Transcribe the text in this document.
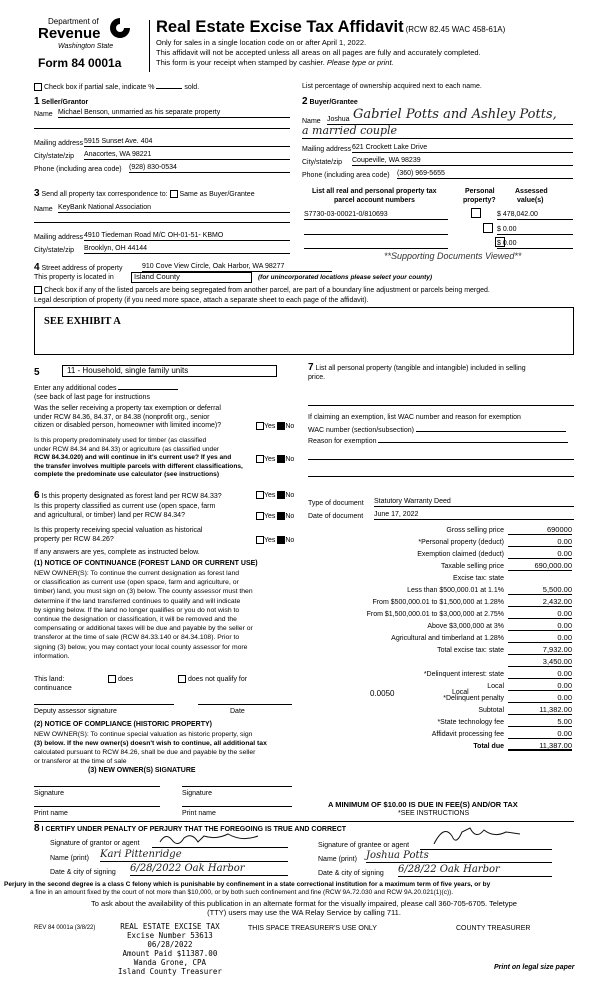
Department of
Revenue
Washington State
Form 84 0001a
Real Estate Excise Tax Affidavit (RCW 82.45 WAC 458-61A)
Only for sales in a single location code on or after April 1, 2022.
This affidavit will not be accepted unless all areas on all pages are fully and accurately completed.
This form is your receipt when stamped by cashier. Please type or print.
Check box if partial sale, indicate %	sold.	List percentage of ownership acquired next to each name.
1 Seller/Grantor
Name Michael Benson, unmarried as his separate property
Mailing address 5915 Sunset Ave. 404
City/state/zip Anacortes, WA 98221
Phone (including area code) (928) 830-0534
2 Buyer/Grantee
Name Joshua Gabriel Potts and Ashley Potts,
a married couple
Mailing address 621 Crockett Lake Drive
City/state/zip Coupeville, WA 98239
Phone (including area code) (360) 969-5655
3 Send all property tax correspondence to: Same as Buyer/Grantee
Name KeyBank National Association
Mailing address 4910 Tiedeman Road M/C OH-01-51- KBMO
City/state/zip Brooklyn, OH 44144
List all real and personal property tax
parcel account numbers
Personal
property?
Assessed
value(s)
S7730-03-00021-0/810693
	$ 478,042.00

$ 0.00
$ 0.00
**Supporting Documents Viewed**
4 Street address of property	910 Cove View Circle, Oak Harbor, WA 98277
This property is located in	Island County	(for unincorporated locations please select your county)
Check box if any of the listed parcels are being segregated from another parcel, are part of a boundary line adjustment or parcels being merged.
Legal description of property (if you need more space, attach a separate sheet to each page of the affidavit).
SEE EXHIBIT A
5	11 - Household, single family units
Enter any additional codes
(see back of last page for instructions
Was the seller receiving a property tax exemption or deferral
under RCW 84.36, 84.37, or 84.38 (nonprofit org., senior
citizen or disabled person, homeowner with limited income)?	Yes No
Is this property predominately used for timber (as classified
under RCW 84.34 and 84.33) or agriculture (as classified under
RCW 84.34.020) and will continue in it's current use? If yes and
the transfer involves multiple parcels with different classifications,
complete the predominate use calculator (see instructions)
Yes No
6 Is this property designated as forest land per RCW 84.33?	Yes No
Is this property classified as current use (open space, farm
and agricultural, or timber) land per RCW 84.34?	Yes No
Is this property receiving special valuation as historical
property per RCW 84.26?	Yes No
If any answers are yes, complete as instructed below.
(1) NOTICE OF CONTINUANCE (FOREST LAND OR CURRENT USE)
NEW OWNER(S): To continue the current designation as forest land
or classification as current use (open space, farm and agriculture, or
timber) land, you must sign on (3) below. The county assessor must then
determine if the land transferred continues to qualify and will indicate
by signing below. If the land no longer qualifies or you do not wish to
continue the designation or classification, it will be removed and the
compensating or additional taxes will be due and payable by the seller or
transferor at the time of sale (RCW 84.33.140 or 84.34.108). Prior to
signing (3) below, you may contact your local county assessor for more
information.
This land:	does	does not qualify for
continuance
Deputy assessor signature	Date
(2) NOTICE OF COMPLIANCE (HISTORIC PROPERTY)
NEW OWNER(S): To continue special valuation as historic property, sign
(3) below. If the new owner(s) doesn't wish to continue, all additional tax
calculated pursuant to RCW 84.26, shall be due and payable by the seller
or transferor at the time of sale
(3) NEW OWNER(S) SIGNATURE
Signature	Signature
Print name	Print name
7 List all personal property (tangible and intangible) included in selling
price.
If claiming an exemption, list WAC number and reason for exemption
WAC number (section/subsection)
Reason for exemption
Type of document Statutory Warranty Deed
Date of document June 17, 2022
Gross selling price	690000
*Personal property (deduct)	0.00
Exemption claimed (deduct)	0.00
Taxable selling price	690,000.00
Excise tax: state
Less than $500,000.01 at 1.1%	5,500.00
From $500,000.01 to $1,500,000 at 1.28%	2,432.00
From $1,500,000.01 to $3,000,000 at 2.75%	0.00
Above $3,000,000 at 3%	0.00
Agricultural and timberland at 1.28%	0.00
Total excise tax: state	7,932.00
3,450.00
*Delinquent interest: state	0.00
Local	0.00
*Delinquent penalty	0.00
Subtotal	11,382.00
*State technology fee	5.00
Affidavit processing fee	0.00
Total due	11,387.00
0.0050	Local
A MINIMUM OF $10.00 IS DUE IN FEE(S) AND/OR TAX
*SEE INSTRUCTIONS
8 I CERTIFY UNDER PENALTY OF PERJURY THAT THE FOREGOING IS TRUE AND CORRECT
Signature of grantor or agent
Name (print) Kari Pittenridge
Date & city of signing 6/28/2022 Oak Harbor
Signature of grantee or agent
Name (print) Joshua Potts
Date & city of signing 6/28/22 Oak Harbor
Perjury in the second degree is a class C felony which is punishable by confinement in a state correctional institution for a maximum term of five years, or by
a fine in an amount fixed by the court of not more than $10,000, or by both such confinement and fine (RCW 9A.72.030 and RCW 9A.20.021(1)(c)).
To ask about the availability of this publication in an alternate format for the visually impaired, please call 360-705-6705. Teletype
(TTY) users may use the WA Relay Service by calling 711.
REV 84 0001a (3/8/22)	REAL ESTATE EXCISE TAX
Excise Number 53613
06/28/2022
Amount Paid $11387.00
Wanda Grone, CPA
Island County Treasurer
THIS SPACE TREASURER'S USE ONLY	COUNTY TREASURER
Print on legal size paper
